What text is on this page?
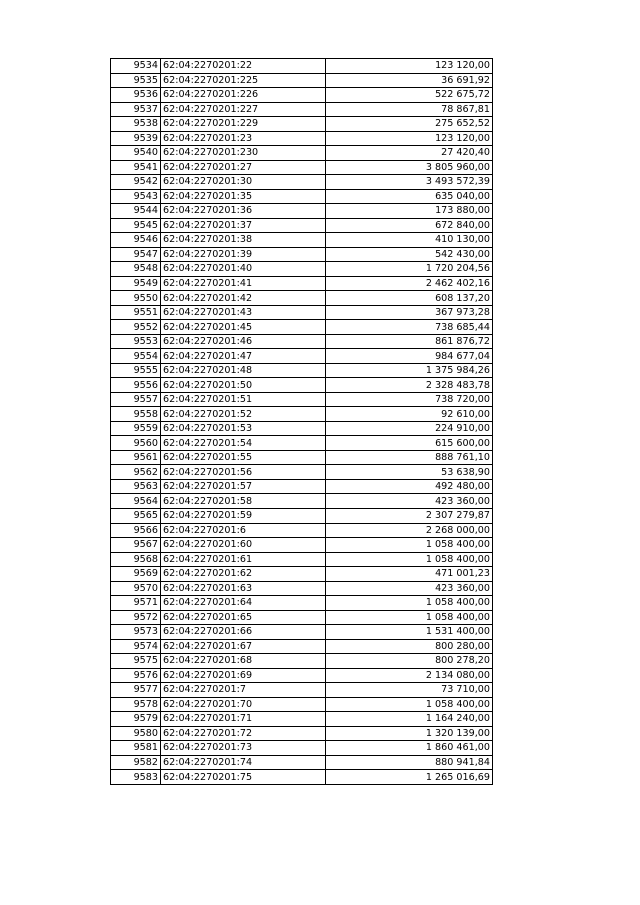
9534	62:04:2270201:22	123 120,00
9535	62:04:2270201:225	36 691,92
9536	62:04:2270201:226	522 675,72
9537	62:04:2270201:227	78 867,81
9538	62:04:2270201:229	275 652,52
9539	62:04:2270201:23	123 120,00
9540	62:04:2270201:230	27 420,40
9541	62:04:2270201:27	3 805 960,00
9542	62:04:2270201:30	3 493 572,39
9543	62:04:2270201:35	635 040,00
9544	62:04:2270201:36	173 880,00
9545	62:04:2270201:37	672 840,00
9546	62:04:2270201:38	410 130,00
9547	62:04:2270201:39	542 430,00
9548	62:04:2270201:40	1 720 204,56
9549	62:04:2270201:41	2 462 402,16
9550	62:04:2270201:42	608 137,20
9551	62:04:2270201:43	367 973,28
9552	62:04:2270201:45	738 685,44
9553	62:04:2270201:46	861 876,72
9554	62:04:2270201:47	984 677,04
9555	62:04:2270201:48	1 375 984,26
9556	62:04:2270201:50	2 328 483,78
9557	62:04:2270201:51	738 720,00
9558	62:04:2270201:52	92 610,00
9559	62:04:2270201:53	224 910,00
9560	62:04:2270201:54	615 600,00
9561	62:04:2270201:55	888 761,10
9562	62:04:2270201:56	53 638,90
9563	62:04:2270201:57	492 480,00
9564	62:04:2270201:58	423 360,00
9565	62:04:2270201:59	2 307 279,87
9566	62:04:2270201:6	2 268 000,00
9567	62:04:2270201:60	1 058 400,00
9568	62:04:2270201:61	1 058 400,00
9569	62:04:2270201:62	471 001,23
9570	62:04:2270201:63	423 360,00
9571	62:04:2270201:64	1 058 400,00
9572	62:04:2270201:65	1 058 400,00
9573	62:04:2270201:66	1 531 400,00
9574	62:04:2270201:67	800 280,00
9575	62:04:2270201:68	800 278,20
9576	62:04:2270201:69	2 134 080,00
9577	62:04:2270201:7	73 710,00
9578	62:04:2270201:70	1 058 400,00
9579	62:04:2270201:71	1 164 240,00
9580	62:04:2270201:72	1 320 139,00
9581	62:04:2270201:73	1 860 461,00
9582	62:04:2270201:74	880 941,84
9583	62:04:2270201:75	1 265 016,69
